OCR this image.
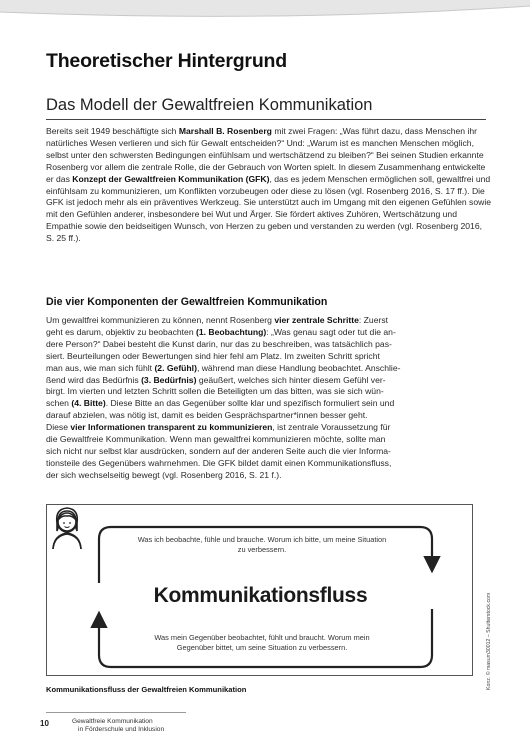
Theoretischer Hintergrund
Das Modell der Gewaltfreien Kommunikation

Bereits seit 1949 beschäftigte sich Marshall B. Rosenberg mit zwei Fragen: „Was führt dazu, dass Menschen ihr natürliches Wesen verlieren und sich für Gewalt entscheiden?“ Und: „Warum ist es manchen Menschen möglich, selbst unter den schwersten Bedingungen einfühlsam und wertschätzend zu bleiben?“ Bei seinen Studien erkannte Rosenberg vor allem die zentrale Rolle, die der Gebrauch von Worten spielt. In diesem Zusammenhang entwickelte er das Konzept der Gewaltfreien Kommunikation (GFK), das es jedem Menschen ermöglichen soll, gewaltfrei und einfühlsam zu kommunizieren, um Konflikten vorzubeugen oder diese zu lösen (vgl. Rosenberg 2016, S. 17 ff.). Die GFK ist jedoch mehr als ein präventives Werkzeug. Sie unterstützt auch im Umgang mit den eigenen Gefühlen sowie mit den Gefühlen anderer, insbesondere bei Wut und Ärger. Sie fördert aktives Zuhören, Wertschätzung und Empathie sowie den beidseitigen Wunsch, von Herzen zu geben und verstanden zu werden (vgl. Rosenberg 2016, S. 25 ff.).

Die vier Komponenten der Gewaltfreien Kommunikation
Um gewaltfrei kommunizieren zu können, nennt Rosenberg vier zentrale Schritte: Zuerst
geht es darum, objektiv zu beobachten (1. Beobachtung): „Was genau sagt oder tut die an-
dere Person?“ Dabei besteht die Kunst darin, nur das zu beschreiben, was tatsächlich pas-
siert. Beurteilungen oder Bewertungen sind hier fehl am Platz. Im zweiten Schritt spricht
man aus, wie man sich fühlt (2. Gefühl), während man diese Handlung beobachtet. Anschlie-
ßend wird das Bedürfnis (3. Bedürfnis) geäußert, welches sich hinter diesem Gefühl ver-
birgt. Im vierten und letzten Schritt sollen die Beteiligten um das bitten, was sie sich wün-
schen (4. Bitte). Diese Bitte an das Gegenüber sollte klar und spezifisch formuliert sein und
darauf abzielen, was nötig ist, damit es beiden Gesprächspartner*innen besser geht.
Diese vier Informationen transparent zu kommunizieren, ist zentrale Voraussetzung für
die Gewaltfreie Kommunikation. Wenn man gewaltfrei kommunizieren möchte, sollte man
sich nicht nur selbst klar ausdrücken, sondern auf der anderen Seite auch die vier Informa-
tionsteile des Gegenübers wahrnehmen. Die GFK bildet damit einen Kommunikationsfluss,
der sich wechselseitig bewegt (vgl. Rosenberg 2016, S. 21 f.).
Was ich beobachte, fühle und brauche. Worum ich bitte, um meine Situation zu verbessern.
Kommunikationsfluss
Was mein Gegenüber beobachtet, fühlt und braucht. Worum mein Gegenüber bittet, um seine Situation zu verbessern.	Konz. © masum30012 – Shutterstock.com

Kommunikationsfluss der Gewaltfreien Kommunikation

10	Gewaltfreie Kommunikation
in Förderschule und Inklusion
